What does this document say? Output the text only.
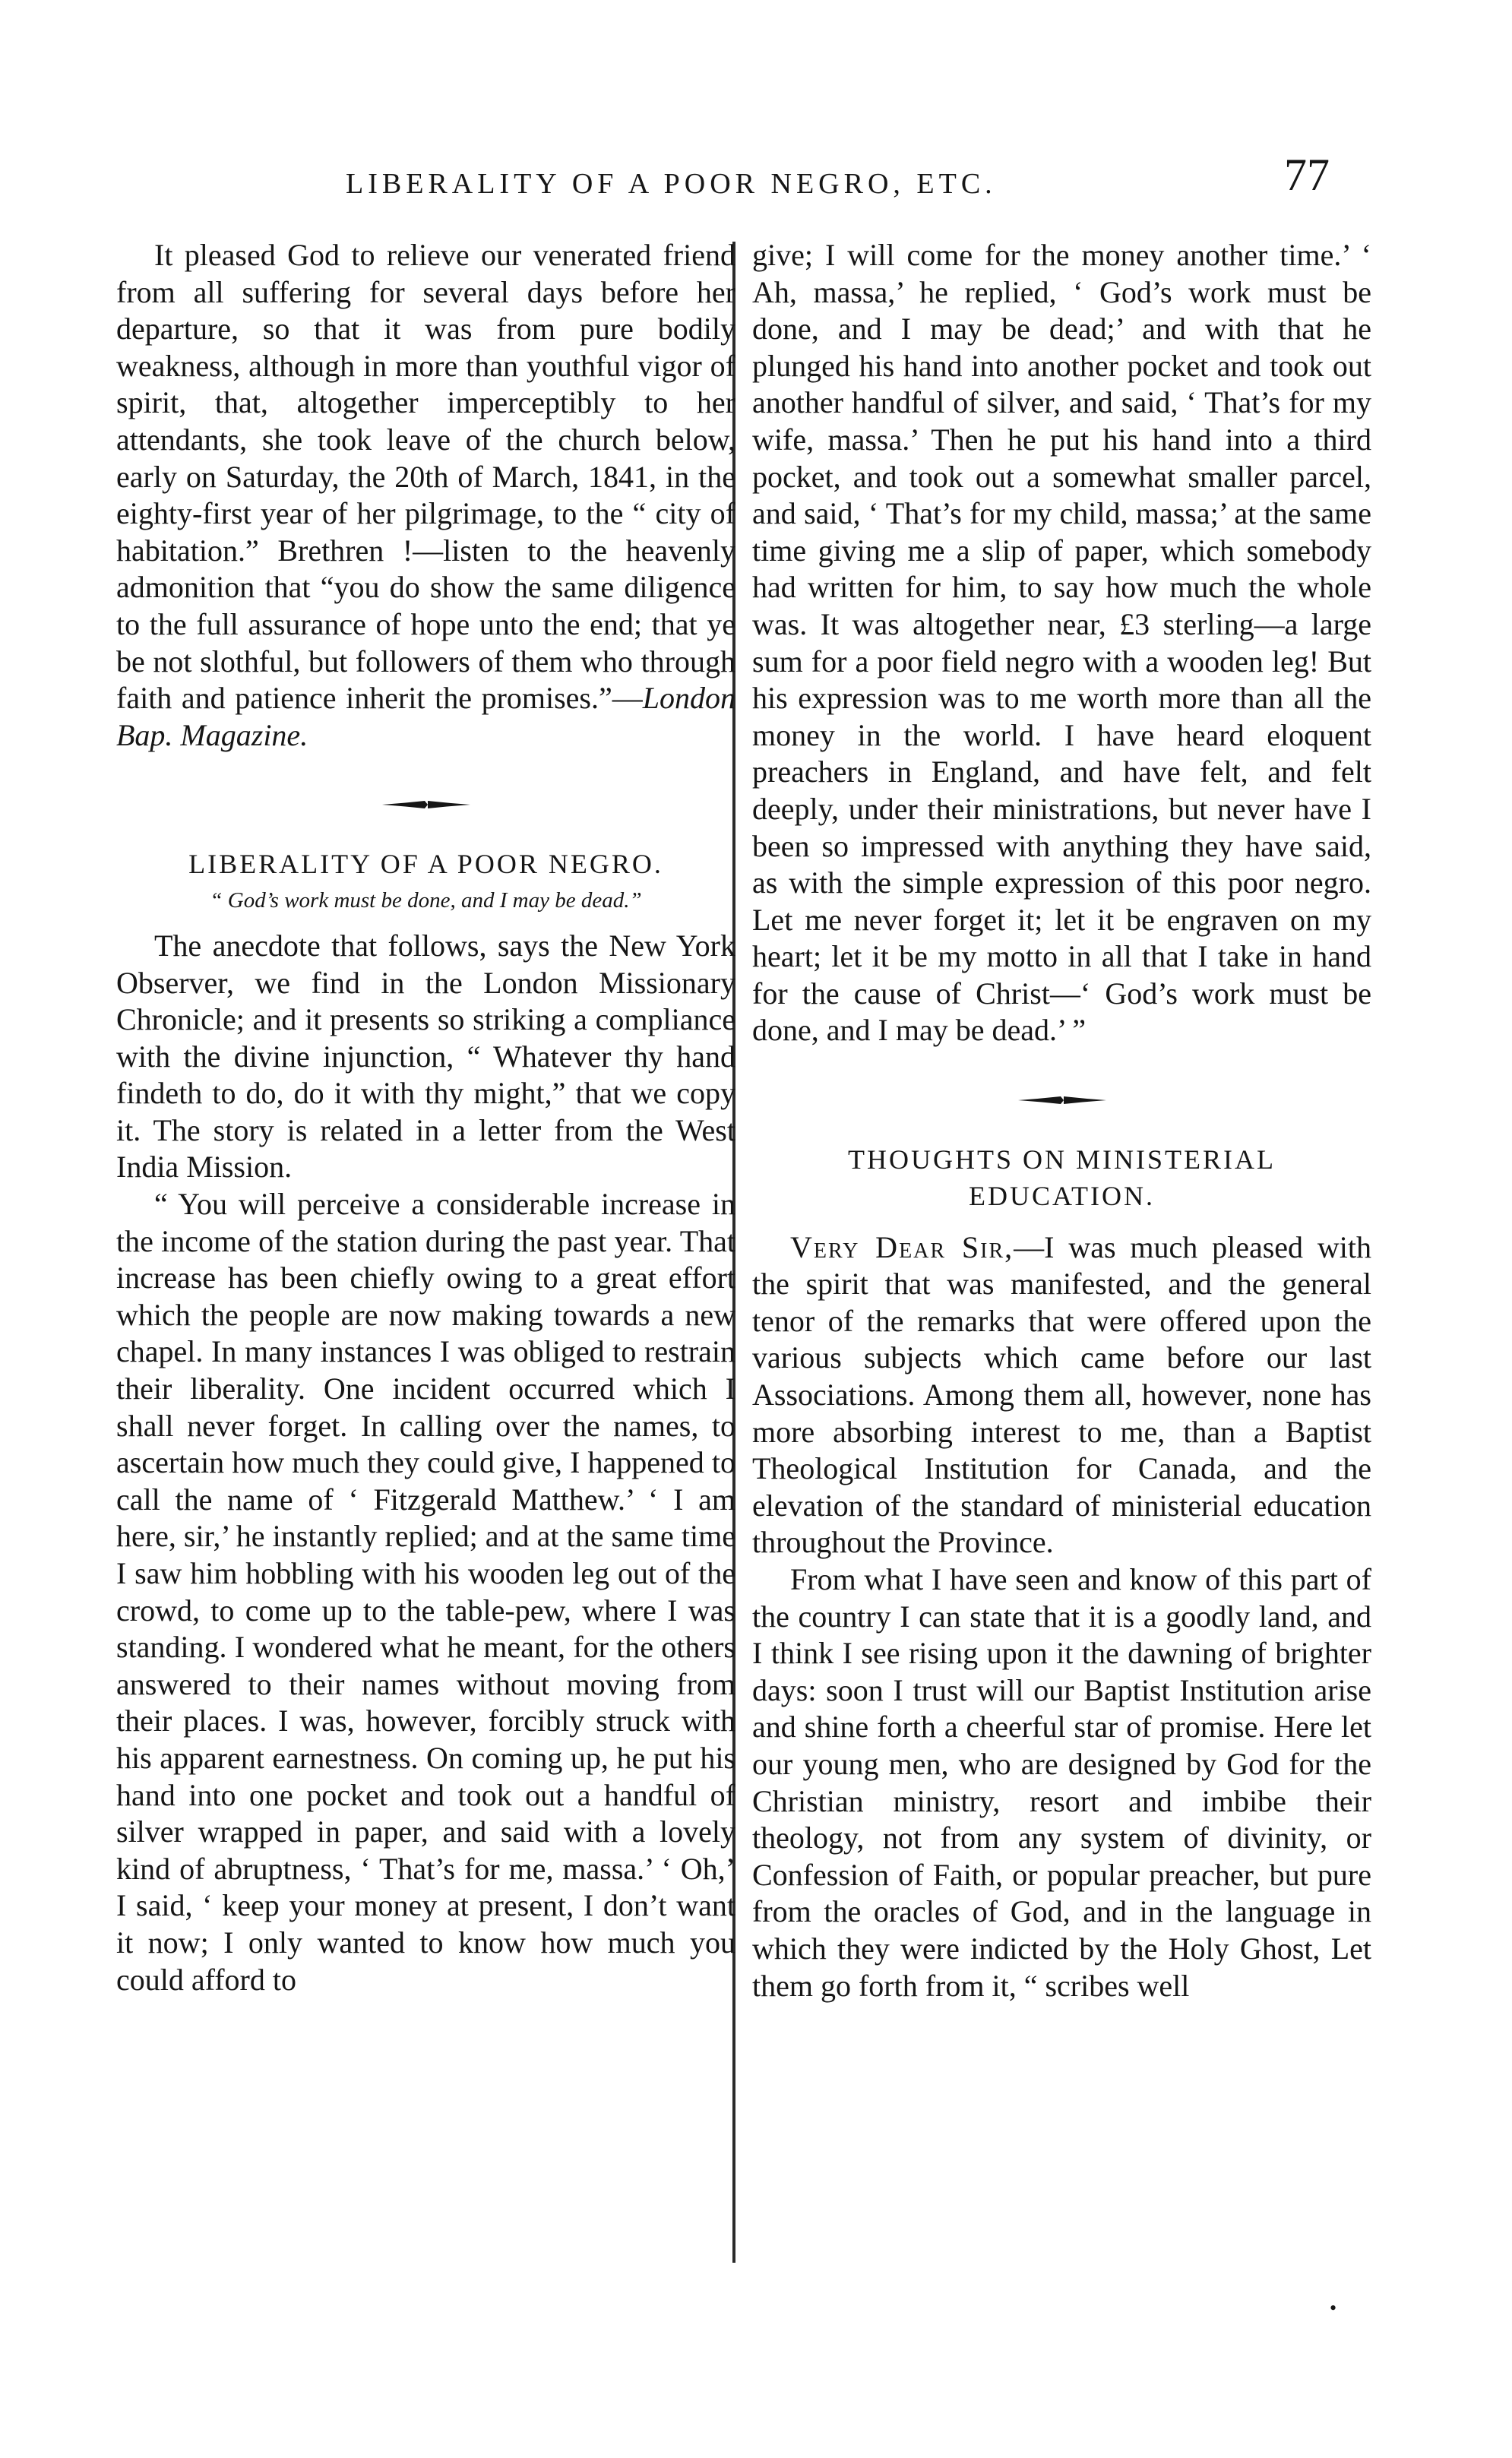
LIBERALITY OF A POOR NEGRO, ETC.	77

It pleased God to relieve our venerated friend from all suffering for several days before her departure, so that it was from pure bodily weakness, although in more than youthful vigor of spirit, that, altogether imperceptibly to her attendants, she took leave of the church below, early on Saturday, the 20th of March, 1841, in the eighty-first year of her pilgrimage, to the “ city of habitation.” Brethren !—listen to the heavenly admonition that “you do show the same diligence to the full assurance of hope unto the end; that ye be not slothful, but followers of them who through faith and patience inherit the promises.”—London Bap. Magazine.

LIBERALITY OF A POOR NEGRO.
“ God’s work must be done, and I may be dead.”

The anecdote that follows, says the New York Observer, we find in the London Missionary Chronicle; and it presents so striking a compliance with the divine injunction, “ Whatever thy hand findeth to do, do it with thy might,” that we copy it. The story is related in a letter from the West India Mission.

“ You will perceive a considerable increase in the income of the station during the past year. That increase has been chiefly owing to a great effort which the people are now making towards a new chapel. In many instances I was obliged to restrain their liberality. One incident occurred which I shall never forget. In calling over the names, to ascertain how much they could give, I happened to call the name of ‘ Fitzgerald Matthew.’ ‘ I am here, sir,’ he instantly replied; and at the same time I saw him hobbling with his wooden leg out of the crowd, to come up to the table-pew, where I was standing. I wondered what he meant, for the others answered to their names without moving from their places. I was, however, forcibly struck with his apparent earnestness. On coming up, he put his hand into one pocket and took out a handful of silver wrapped in paper, and said with a lovely kind of abruptness, ‘ That’s for me, massa.’ ‘ Oh,’ I said, ‘ keep your money at present, I don’t want it now; I only wanted to know how much you could afford to

give; I will come for the money another time.’ ‘ Ah, massa,’ he replied, ‘ God’s work must be done, and I may be dead;’ and with that he plunged his hand into another pocket and took out another handful of silver, and said, ‘ That’s for my wife, massa.’ Then he put his hand into a third pocket, and took out a somewhat smaller parcel, and said, ‘ That’s for my child, massa;’ at the same time giving me a slip of paper, which somebody had written for him, to say how much the whole was. It was altogether near, £3 sterling—a large sum for a poor field negro with a wooden leg! But his expression was to me worth more than all the money in the world. I have heard eloquent preachers in England, and have felt, and felt deeply, under their ministrations, but never have I been so impressed with anything they have said, as with the simple expression of this poor negro. Let me never forget it; let it be engraven on my heart; let it be my motto in all that I take in hand for the cause of Christ—‘ God’s work must be done, and I may be dead.’ ”

THOUGHTS ON MINISTERIAL EDUCATION.

Very Dear Sir,—I was much pleased with the spirit that was manifested, and the general tenor of the remarks that were offered upon the various subjects which came before our last Associations. Among them all, however, none has more absorbing interest to me, than a Baptist Theological Institution for Canada, and the elevation of the standard of ministerial education throughout the Province.

From what I have seen and know of this part of the country I can state that it is a goodly land, and I think I see rising upon it the dawning of brighter days: soon I trust will our Baptist Institution arise and shine forth a cheerful star of promise. Here let our young men, who are designed by God for the Christian ministry, resort and imbibe their theology, not from any system of divinity, or Confession of Faith, or popular preacher, but pure from the oracles of God, and in the language in which they were indicted by the Holy Ghost, Let them go forth from it, “ scribes well

•
